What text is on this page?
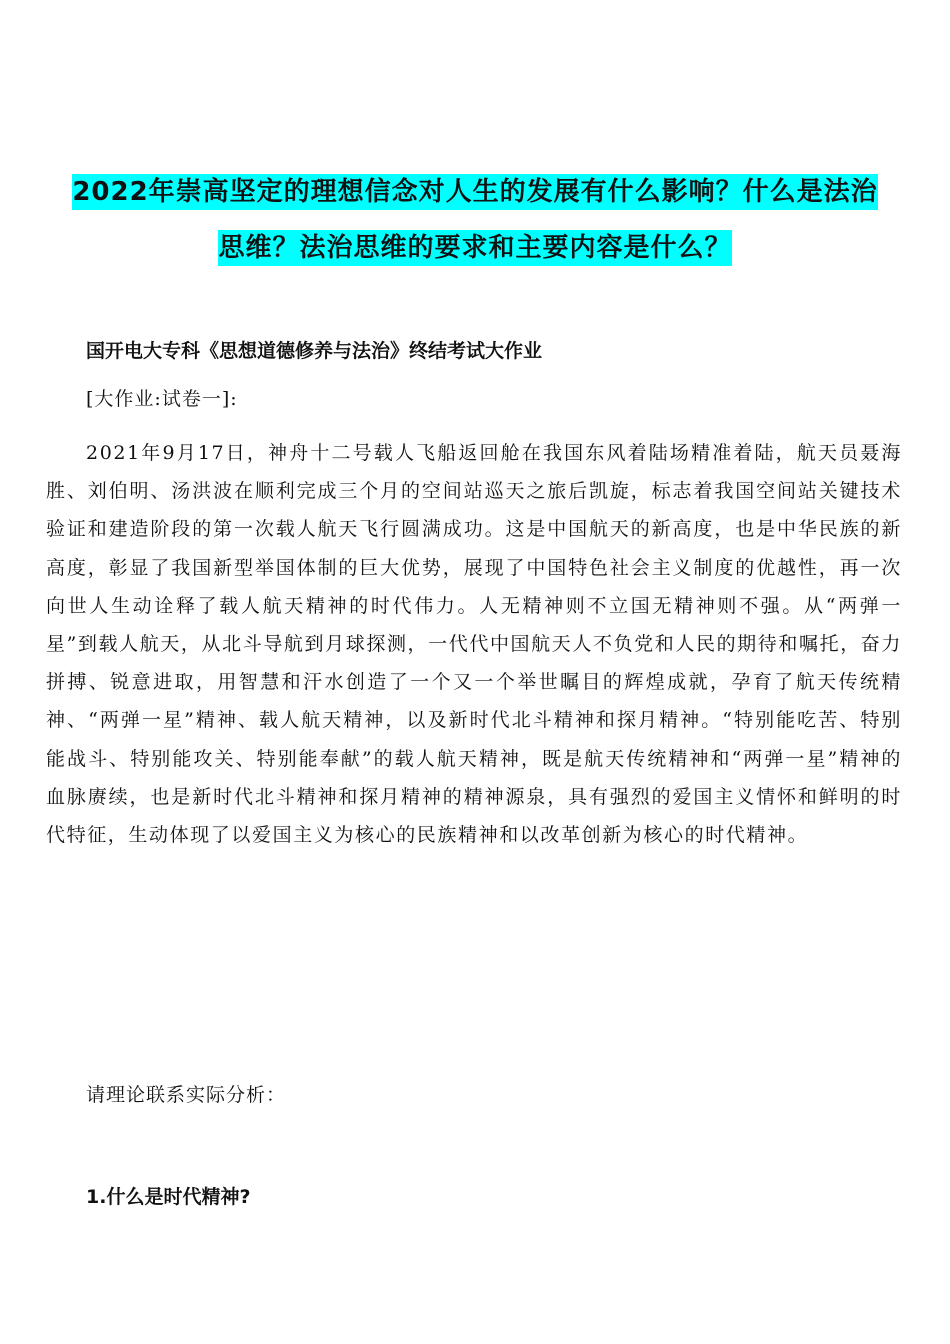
2022年崇高坚定的理想信念对人生的发展有什么影响？什么是法治
思维？法治思维的要求和主要内容是什么？
国开电大专科《思想道德修养与法治》终结考试大作业
[大作业:试卷一]:

2021年9月17日，神舟十二号载人飞船返回舱在我国东风着陆场精准着陆，航天员聂海胜、刘伯明、汤洪波在顺利完成三个月的空间站巡天之旅后凯旋，标志着我国空间站关键技术验证和建造阶段的第一次载人航天飞行圆满成功。这是中国航天的新高度，也是中华民族的新高度，彰显了我国新型举国体制的巨大优势，展现了中国特色社会主义制度的优越性，再一次向世人生动诠释了载人航天精神的时代伟力。人无精神则不立国无精神则不强。从“两弹一星”到载人航天，从北斗导航到月球探测，一代代中国航天人不负党和人民的期待和嘱托，奋力拼搏、锐意进取，用智慧和汗水创造了一个又一个举世瞩目的辉煌成就，孕育了航天传统精神、“两弹一星”精神、载人航天精神，以及新时代北斗精神和探月精神。“特别能吃苦、特别能战斗、特别能攻关、特别能奉献”的载人航天精神，既是航天传统精神和“两弹一星”精神的血脉赓续，也是新时代北斗精神和探月精神的精神源泉，具有强烈的爱国主义情怀和鲜明的时代特征，生动体现了以爱国主义为核心的民族精神和以改革创新为核心的时代精神。

请理论联系实际分析：
1.什么是时代精神?
